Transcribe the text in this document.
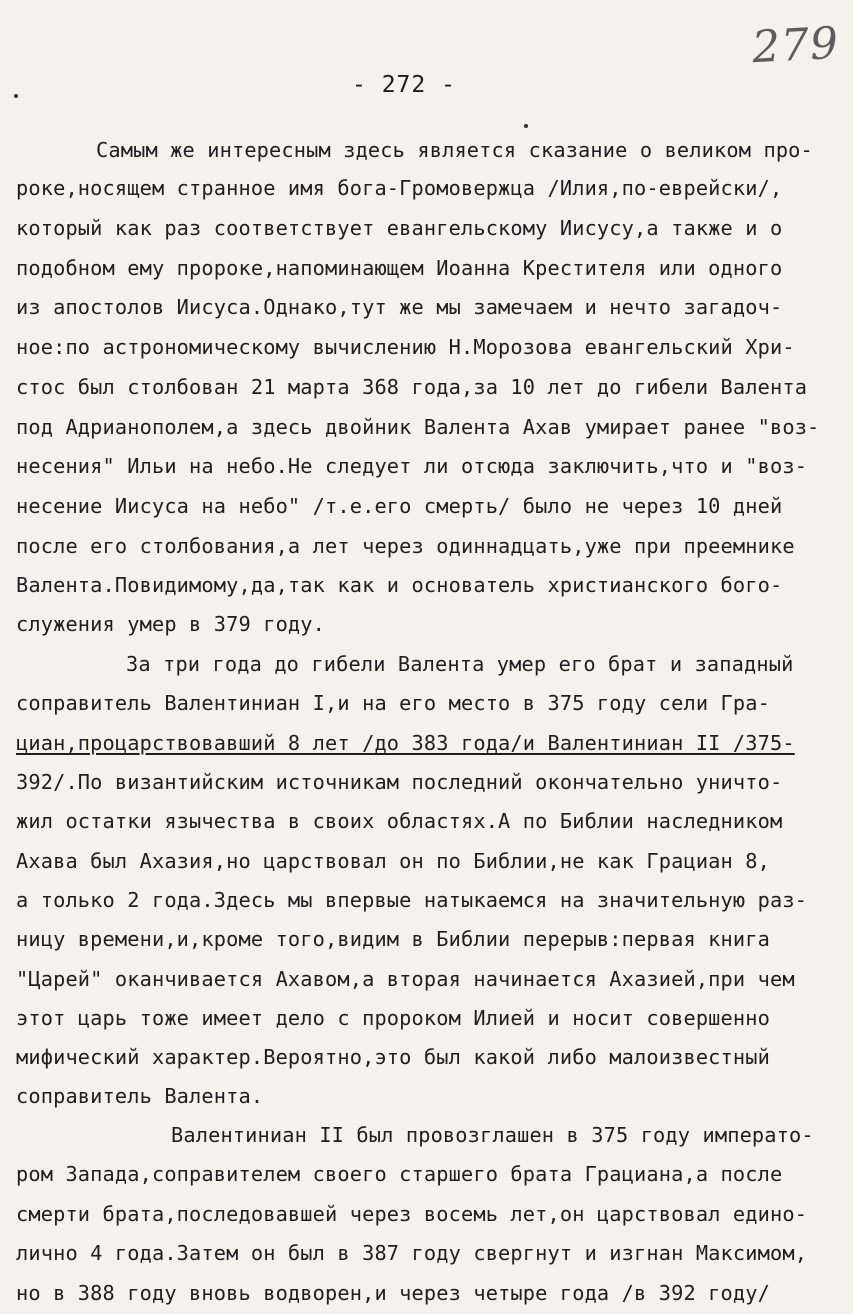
279
- 272 -
Самым же интересным здесь является сказание о великом про-
роке,носящем странное имя бога-Громовержца /Илия,по-еврейски/,
который как раз соответствует евангельскому Иисусу,а также и о
подобном ему пророке,напоминающем Иоанна Крестителя или одного
из апостолов Иисуса.Однако,тут же мы замечаем и нечто загадоч-
ное:по астрономическому вычислению Н.Морозова евангельский Хри-
стос был столбован 21 марта 368 года,за 10 лет до гибели Валента
под Адрианополем,а здесь двойник Валента Ахав умирает ранее "воз-
несения" Ильи на небо.Не следует ли отсюда заключить,что и "воз-
несение Иисуса на небо" /т.е.его смерть/ было не через 10 дней
после его столбования,а лет через одиннадцать,уже при преемнике
Валента.Повидимому,да,так как и основатель христианского бого-
служения умер в 379 году.
За три года до гибели Валента умер его брат и западный
соправитель Валентиниан I,и на его место в 375 году сели Гра-
циан,процарствовавший 8 лет /до 383 года/и Валентиниан II /375-
392/.По византийским источникам последний окончательно уничто-
жил остатки язычества в своих областях.А по Библии наследником
Ахава был Ахазия,но царствовал он по Библии,не как Грациан 8,
а только 2 года.Здесь мы впервые натыкаемся на значительную раз-
ницу времени,и,кроме того,видим в Библии перерыв:первая книга
"Царей" оканчивается Ахавом,а вторая начинается Ахазией,при чем
этот царь тоже имеет дело с пророком Илией и носит совершенно
мифический характер.Вероятно,это был какой либо малоизвестный
соправитель Валента.
Валентиниан II был провозглашен в 375 году императо-
ром Запада,соправителем своего старшего брата Грациана,а после
смерти брата,последовавшей через восемь лет,он царствовал едино-
лично 4 года.Затем он был в 387 году свергнут и изгнан Максимом,
но в 388 году вновь водворен,и через четыре года /в 392 году/
